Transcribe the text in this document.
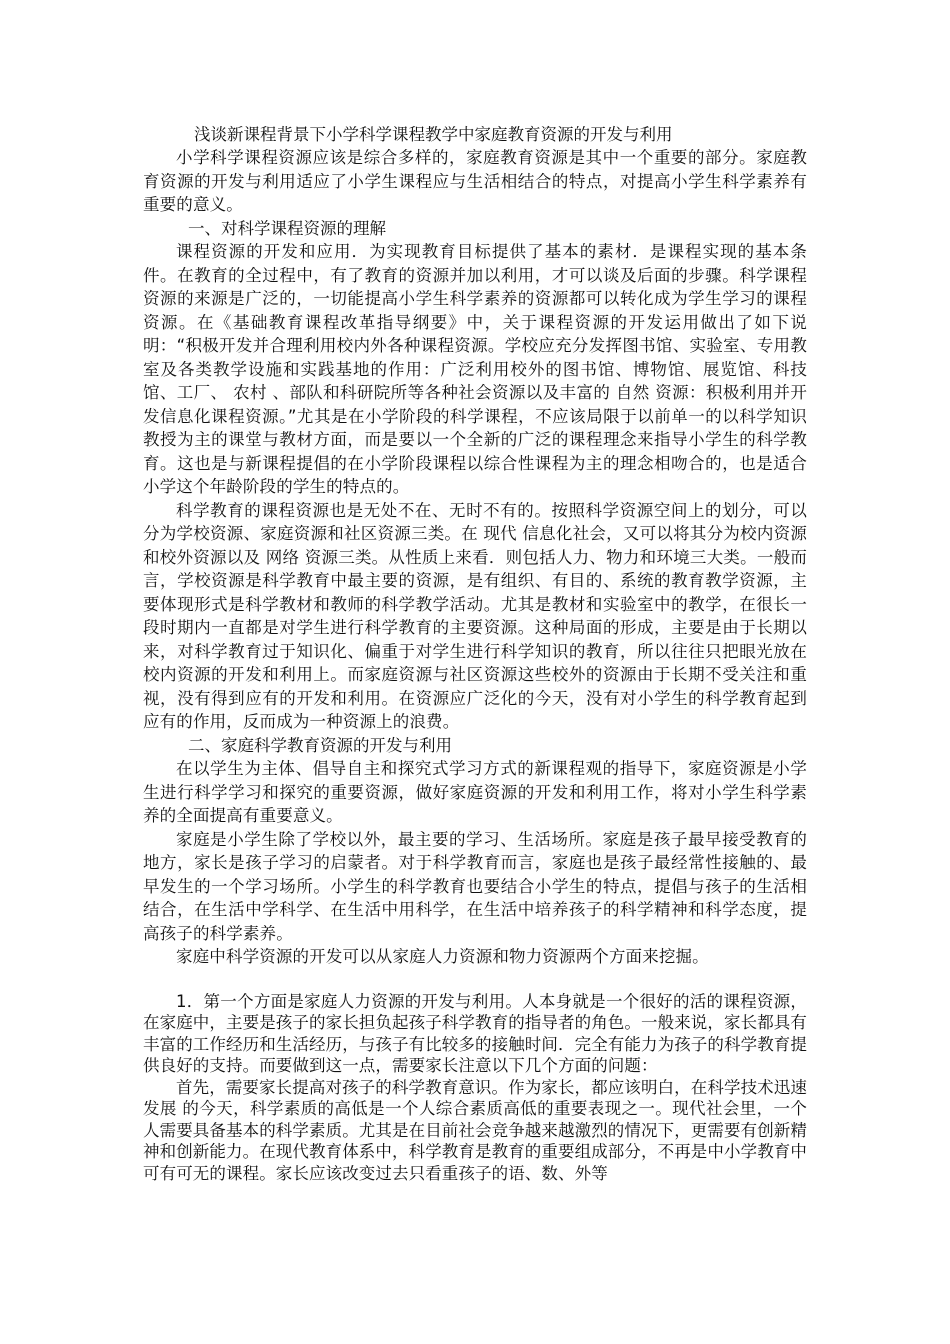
浅谈新课程背景下小学科学课程教学中家庭教育资源的开发与利用

小学科学课程资源应该是综合多样的，家庭教育资源是其中一个重要的部分。家庭教育资源的开发与利用适应了小学生课程应与生活相结合的特点，对提高小学生科学素养有重要的意义。

一、对科学课程资源的理解

课程资源的开发和应用．为实现教育目标提供了基本的素材．是课程实现的基本条件。在教育的全过程中，有了教育的资源并加以利用，才可以谈及后面的步骤。科学课程资源的来源是广泛的，一切能提高小学生科学素养的资源都可以转化成为学生学习的课程资源。在《基础教育课程改革指导纲要》中，关于课程资源的开发运用做出了如下说明：“积极开发并合理利用校内外各种课程资源。学校应充分发挥图书馆、实验室、专用教室及各类教学设施和实践基地的作用：广泛利用校外的图书馆、博物馆、展览馆、科技馆、工厂、 农村 、部队和科研院所等各种社会资源以及丰富的 自然 资源：积极利用并开发信息化课程资源。”尤其是在小学阶段的科学课程，不应该局限于以前单一的以科学知识教授为主的课堂与教材方面，而是要以一个全新的广泛的课程理念来指导小学生的科学教育。这也是与新课程提倡的在小学阶段课程以综合性课程为主的理念相吻合的，也是适合小学这个年龄阶段的学生的特点的。

科学教育的课程资源也是无处不在、无时不有的。按照科学资源空间上的划分，可以分为学校资源、家庭资源和社区资源三类。在 现代 信息化社会，又可以将其分为校内资源和校外资源以及 网络 资源三类。从性质上来看．则包括人力、物力和环境三大类。一般而言，学校资源是科学教育中最主要的资源，是有组织、有目的、系统的教育教学资源，主要体现形式是科学教材和教师的科学教学活动。尤其是教材和实验室中的教学，在很长一段时期内一直都是对学生进行科学教育的主要资源。这种局面的形成，主要是由于长期以来，对科学教育过于知识化、偏重于对学生进行科学知识的教育，所以往往只把眼光放在校内资源的开发和利用上。而家庭资源与社区资源这些校外的资源由于长期不受关注和重视，没有得到应有的开发和利用。在资源应广泛化的今天，没有对小学生的科学教育起到应有的作用，反而成为一种资源上的浪费。

二、家庭科学教育资源的开发与利用

在以学生为主体、倡导自主和探究式学习方式的新课程观的指导下，家庭资源是小学生进行科学学习和探究的重要资源，做好家庭资源的开发和利用工作，将对小学生科学素养的全面提高有重要意义。

家庭是小学生除了学校以外，最主要的学习、生活场所。家庭是孩子最早接受教育的地方，家长是孩子学习的启蒙者。对于科学教育而言，家庭也是孩子最经常性接触的、最早发生的一个学习场所。小学生的科学教育也要结合小学生的特点，提倡与孩子的生活相结合，在生活中学科学、在生活中用科学，在生活中培养孩子的科学精神和科学态度，提高孩子的科学素养。

家庭中科学资源的开发可以从家庭人力资源和物力资源两个方面来挖掘。

1．第一个方面是家庭人力资源的开发与利用。人本身就是一个很好的活的课程资源，在家庭中，主要是孩子的家长担负起孩子科学教育的指导者的角色。一般来说，家长都具有丰富的工作经历和生活经历，与孩子有比较多的接触时间．完全有能力为孩子的科学教育提供良好的支持。而要做到这一点，需要家长注意以下几个方面的问题：

首先，需要家长提高对孩子的科学教育意识。作为家长，都应该明白，在科学技术迅速 发展 的今天，科学素质的高低是一个人综合素质高低的重要表现之一。现代社会里，一个人需要具备基本的科学素质。尤其是在目前社会竞争越来越激烈的情况下，更需要有创新精神和创新能力。在现代教育体系中，科学教育是教育的重要组成部分，不再是中小学教育中可有可无的课程。家长应该改变过去只看重孩子的语、数、外等
